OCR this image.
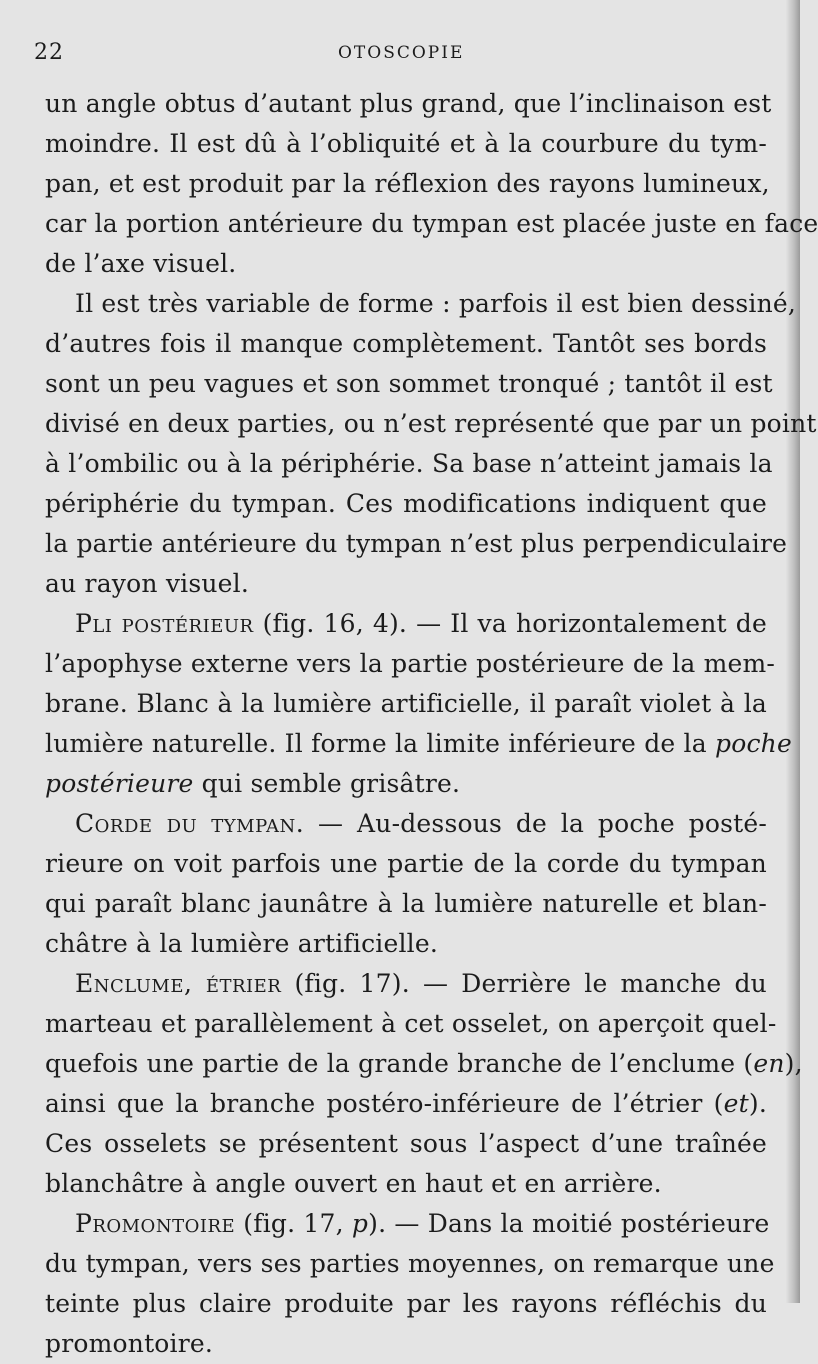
22	OTOSCOPIE
un angle obtus d’autant plus grand, que l’inclinaison est
moindre. Il est dû à l’obliquité et à la courbure du tym-
pan, et est produit par la réflexion des rayons lumineux,
car la portion antérieure du tympan est placée juste en face
de l’axe visuel.
Il est très variable de forme : parfois il est bien dessiné,
d’autres fois il manque complètement. Tantôt ses bords
sont un peu vagues et son sommet tronqué ; tantôt il est
divisé en deux parties, ou n’est représenté que par un point
à l’ombilic ou à la périphérie. Sa base n’atteint jamais la
périphérie du tympan. Ces modifications indiquent que
la partie antérieure du tympan n’est plus perpendiculaire
au rayon visuel.
Pli postérieur (fig. 16, 4). — Il va horizontalement de
l’apophyse externe vers la partie postérieure de la mem-
brane. Blanc à la lumière artificielle, il paraît violet à la
lumière naturelle. Il forme la limite inférieure de la poche
postérieure qui semble grisâtre.
Corde du tympan. — Au-dessous de la poche posté-
rieure on voit parfois une partie de la corde du tympan
qui paraît blanc jaunâtre à la lumière naturelle et blan-
châtre à la lumière artificielle.
Enclume, étrier (fig. 17). — Derrière le manche du
marteau et parallèlement à cet osselet, on aperçoit quel-
quefois une partie de la grande branche de l’enclume (en),
ainsi que la branche postéro-inférieure de l’étrier (et).
Ces osselets se présentent sous l’aspect d’une traînée
blanchâtre à angle ouvert en haut et en arrière.
Promontoire (fig. 17, p). — Dans la moitié postérieure
du tympan, vers ses parties moyennes, on remarque une
teinte plus claire produite par les rayons réfléchis du
promontoire.
